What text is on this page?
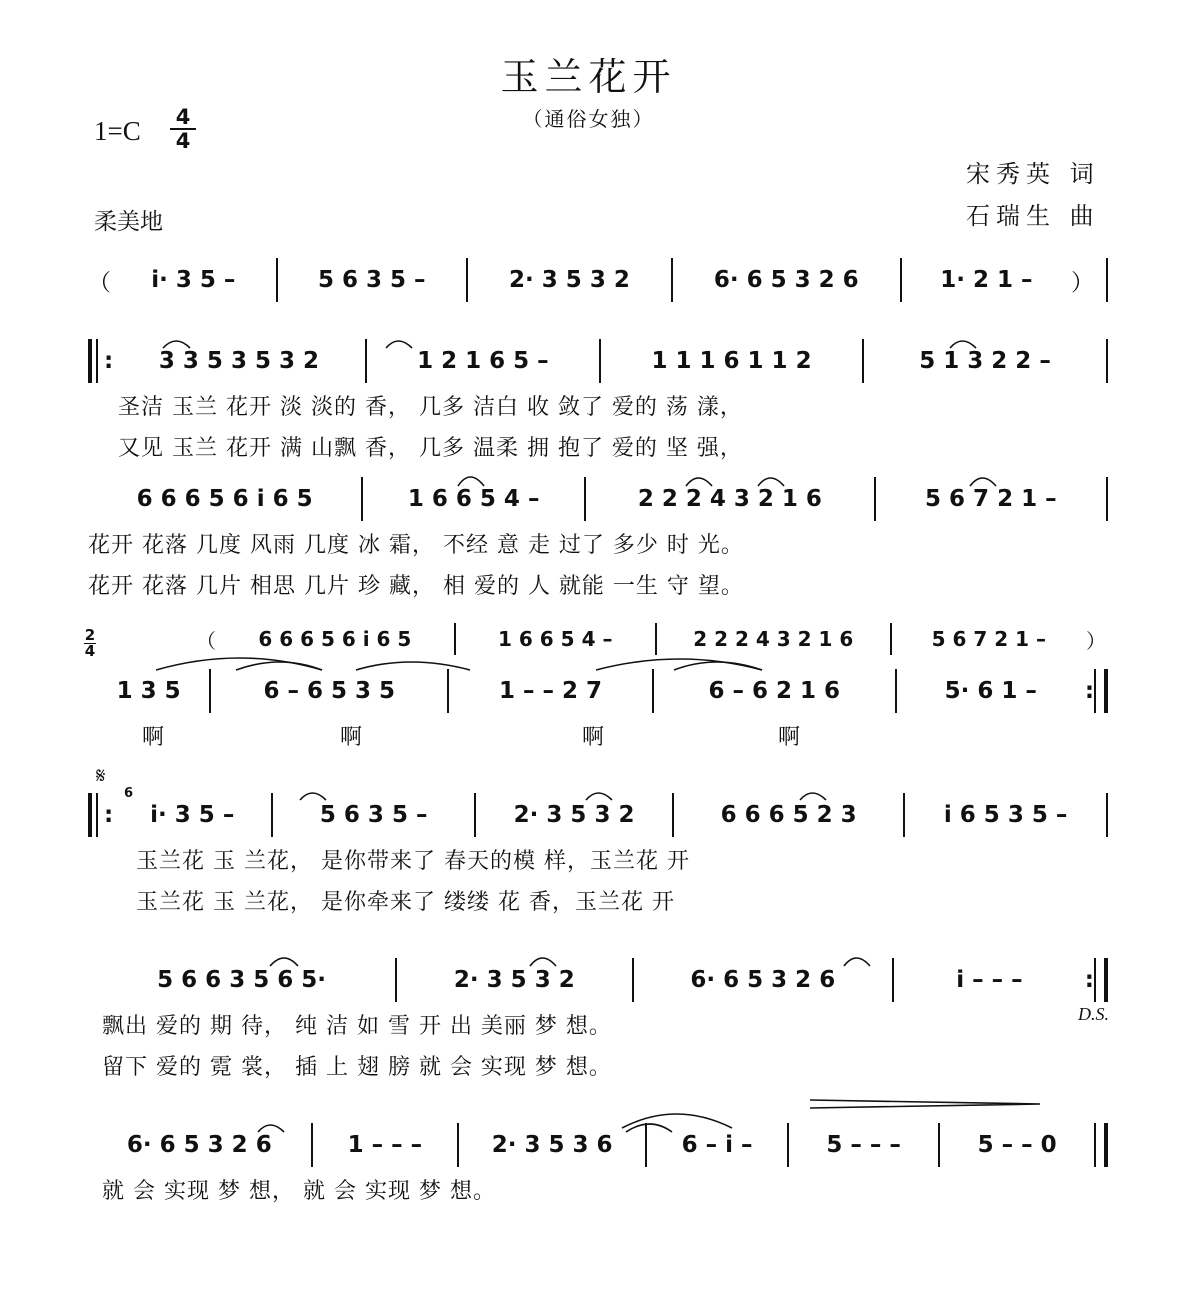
玉兰花开
（通俗女独）
1=C 4
4
宋秀英 词
石瑞生 曲
柔美地
（	i· 3 5 –	5 6 3 5 –	2· 3 5 3 2	6· 6 5 3 2 6	1· 2 1 –	）
:	3 3 5 3 5 3 2	1 2 1 6 5 –	1 1 1 6 1 1 2	5 1 3 2 2 –
圣洁 玉兰 花开 淡 淡的 香， 几多 洁白 收 敛了 爱的 荡 漾，
又见 玉兰 花开 满 山飘 香， 几多 温柔 拥 抱了 爱的 坚 强，
6 6 6 5 6 i 6 5	1 6 6 5 4 –	2 2 2 4 3 2 1 6	5 6 7 2 1 –
花开 花落 几度 风雨 几度 冰 霜， 不经 意 走 过了 多少 时 光。
花开 花落 几片 相思 几片 珍 藏， 相 爱的 人 就能 一生 守 望。
2
4	（	6 6 6 5 6 i 6 5	1 6 6 5 4 –	2 2 2 4 3 2 1 6	5 6 7 2 1 –	）
1 3 5	6 – 6 5 3 5	1 – – 2 7	6 – 6 2 1 6	5· 6 1 –	:
啊	啊	啊	啊
𝄋
6
:	i· 3 5 –	5 6 3 5 –	2· 3 5 3 2	6 6 6 5 2 3	i 6 5 3 5 –
玉兰花 玉 兰花， 是你带来了 春天的模 样，玉兰花 开
玉兰花 玉 兰花， 是你牵来了 缕缕 花 香，玉兰花 开
5 6 6 3 5 6 5·	2· 3 5 3 2	6· 6 5 3 2 6	i – – –	:
飘出 爱的 期 待， 纯 洁 如 雪 开 出 美丽 梦 想。
留下 爱的 霓 裳， 插 上 翅 膀 就 会 实现 梦 想。
D.S.
6· 6 5 3 2 6	1 – – –	2· 3 5 3 6	6 – i –	5 – – –	5 – – 0
就 会 实现 梦 想， 就 会 实现 梦 想。
